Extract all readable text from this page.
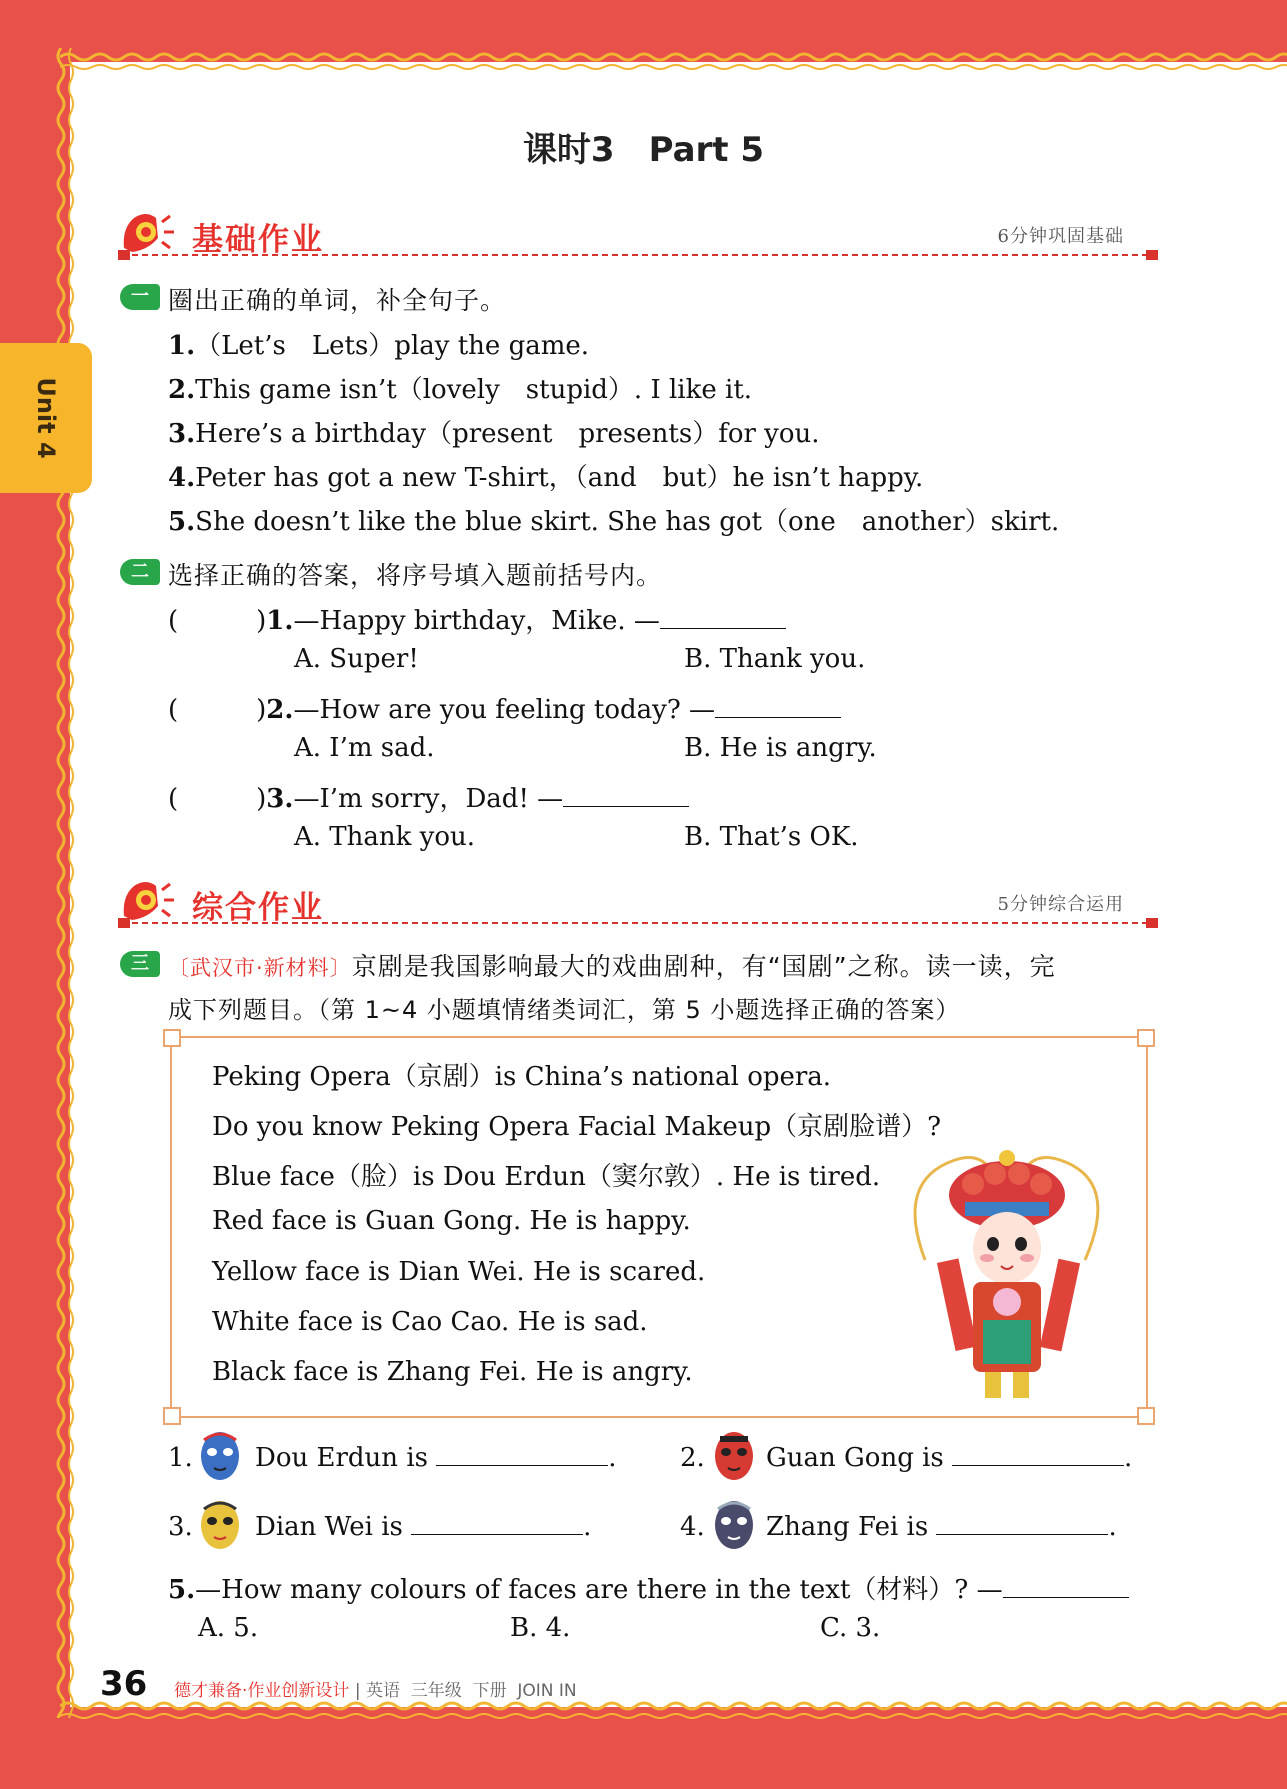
Unit 4
课时3　Part 5
基础作业	6分钟巩固基础
一 圈出正确的单词，补全句子。
1.（Let’s　Lets）play the game.
2.This game isn’t（lovely　stupid）. I like it.
3.Here’s a birthday（present　presents）for you.
4.Peter has got a new T-shirt，（and　but）he isn’t happy.
5.She doesn’t like the blue skirt. She has got（one　another）skirt.
二 选择正确的答案，将序号填入题前括号内。
(　　　)1.—Happy birthday，Mike. —
A. Super!	B. Thank you.
(　　　)2.—How are you feeling today? —
A. I’m sad.	B. He is angry.
(　　　)3.—I’m sorry，Dad! —
A. Thank you.	B. That’s OK.
综合作业	5分钟综合运用
三 〔武汉市·新材料〕京剧是我国影响最大的戏曲剧种，有“国剧”之称。读一读，完
成下列题目。（第 1~4 小题填情绪类词汇，第 5 小题选择正确的答案）
Peking Opera（京剧）is China’s national opera.
Do you know Peking Opera Facial Makeup（京剧脸谱）?
Blue face（脸）is Dou Erdun（窦尔敦）. He is tired.
Red face is Guan Gong. He is happy.
Yellow face is Dian Wei. He is scared.
White face is Cao Cao. He is sad.
Black face is Zhang Fei. He is angry.
1. Dou Erdun is	. 2. Guan Gong is	.
3. Dian Wei is	.	4. Zhang Fei is	.
5.—How many colours of faces are there in the text（材料）? —
A. 5.	B. 4.	C. 3.
36 德才兼备·作业创新设计 | 英语 三年级 下册 JOIN IN
